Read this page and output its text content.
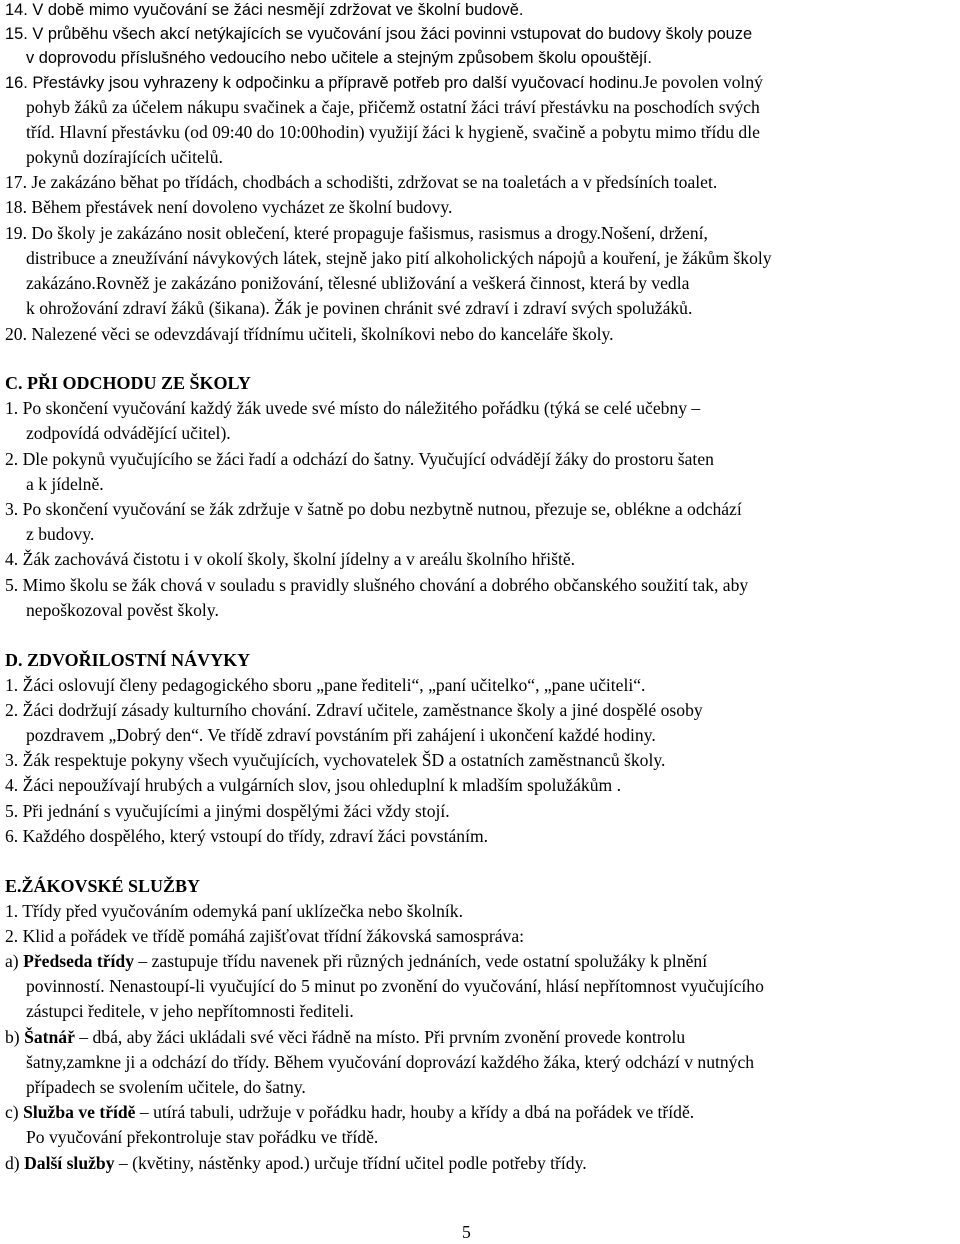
14. V době mimo vyučování se žáci nesmějí zdržovat ve školní budově.
15. V průběhu všech akcí netýkajících se vyučování jsou žáci povinni vstupovat do budovy školy pouze
v doprovodu příslušného vedoucího nebo učitele a stejným způsobem školu opouštějí.
16. Přestávky jsou vyhrazeny k odpočinku a přípravě potřeb pro další vyučovací hodinu.Je povolen volný
pohyb žáků za účelem nákupu svačinek a čaje, přičemž ostatní žáci tráví přestávku na poschodích svých
tříd. Hlavní přestávku (od 09:40 do 10:00hodin) využijí žáci k hygieně, svačině a pobytu mimo třídu dle
pokynů dozírajících učitelů.
17. Je zakázáno běhat po třídách, chodbách a schodišti, zdržovat se na toaletách a v předsíních toalet.
18. Během přestávek není dovoleno vycházet ze školní budovy.
19. Do školy je zakázáno nosit oblečení, které propaguje fašismus, rasismus a drogy.Nošení, držení,
distribuce a zneužívání návykových látek, stejně jako pití alkoholických nápojů a kouření, je žákům školy
zakázáno.Rovněž je zakázáno ponižování, tělesné ubližování a veškerá činnost, která by vedla
k ohrožování zdraví žáků (šikana). Žák je povinen chránit své zdraví i zdraví svých spolužáků.
20. Nalezené věci se odevzdávají třídnímu učiteli, školníkovi nebo do kanceláře školy.
C. PŘI ODCHODU ZE ŠKOLY
1. Po skončení vyučování každý žák uvede své místo do náležitého pořádku (týká se celé učebny –
zodpovídá odvádějící učitel).
2. Dle pokynů vyučujícího se žáci řadí a odchází do šatny. Vyučující odvádějí žáky do prostoru šaten
a k jídelně.
3. Po skončení vyučování se žák zdržuje v šatně po dobu nezbytně nutnou, přezuje se, oblékne a odchází
z budovy.
4. Žák zachovává čistotu i v okolí školy, školní jídelny a v areálu školního hřiště.
5. Mimo školu se žák chová v souladu s pravidly slušného chování a dobrého občanského soužití tak, aby
nepoškozoval pověst školy.
D. ZDVOŘILOSTNÍ NÁVYKY
1. Žáci oslovují členy pedagogického sboru „pane řediteli“, „paní učitelko“, „pane učiteli“.
2. Žáci dodržují zásady kulturního chování. Zdraví učitele, zaměstnance školy a jiné dospělé osoby
pozdravem „Dobrý den“. Ve třídě zdraví povstáním při zahájení i ukončení každé hodiny.
3. Žák respektuje pokyny všech vyučujících, vychovatelek ŠD a ostatních zaměstnanců školy.
4. Žáci nepoužívají hrubých a vulgárních slov, jsou ohleduplní k mladším spolužákům .
5. Při jednání s vyučujícími a jinými dospělými žáci vždy stojí.
6. Každého dospělého, který vstoupí do třídy, zdraví žáci povstáním.
E.ŽÁKOVSKÉ SLUŽBY
1. Třídy před vyučováním odemyká paní uklízečka nebo školník.
2. Klid a pořádek ve třídě pomáhá zajišťovat třídní žákovská samospráva:
a) Předseda třídy – zastupuje třídu navenek při různých jednáních, vede ostatní spolužáky k plnění
povinností. Nenastoupí-li vyučující do 5 minut po zvonění do vyučování, hlásí nepřítomnost vyučujícího
zástupci ředitele, v jeho nepřítomnosti řediteli.
b) Šatnář – dbá, aby žáci ukládali své věci řádně na místo. Při prvním zvonění provede kontrolu
šatny,zamkne ji a odchází do třídy. Během vyučování doprovází každého žáka, který odchází v nutných
případech se svolením učitele, do šatny.
c) Služba ve třídě – utírá tabuli, udržuje v pořádku hadr, houby a křídy a dbá na pořádek ve třídě.
Po vyučování překontroluje stav pořádku ve třídě.
d) Další služby – (květiny, nástěnky apod.) určuje třídní učitel podle potřeby třídy.
5
